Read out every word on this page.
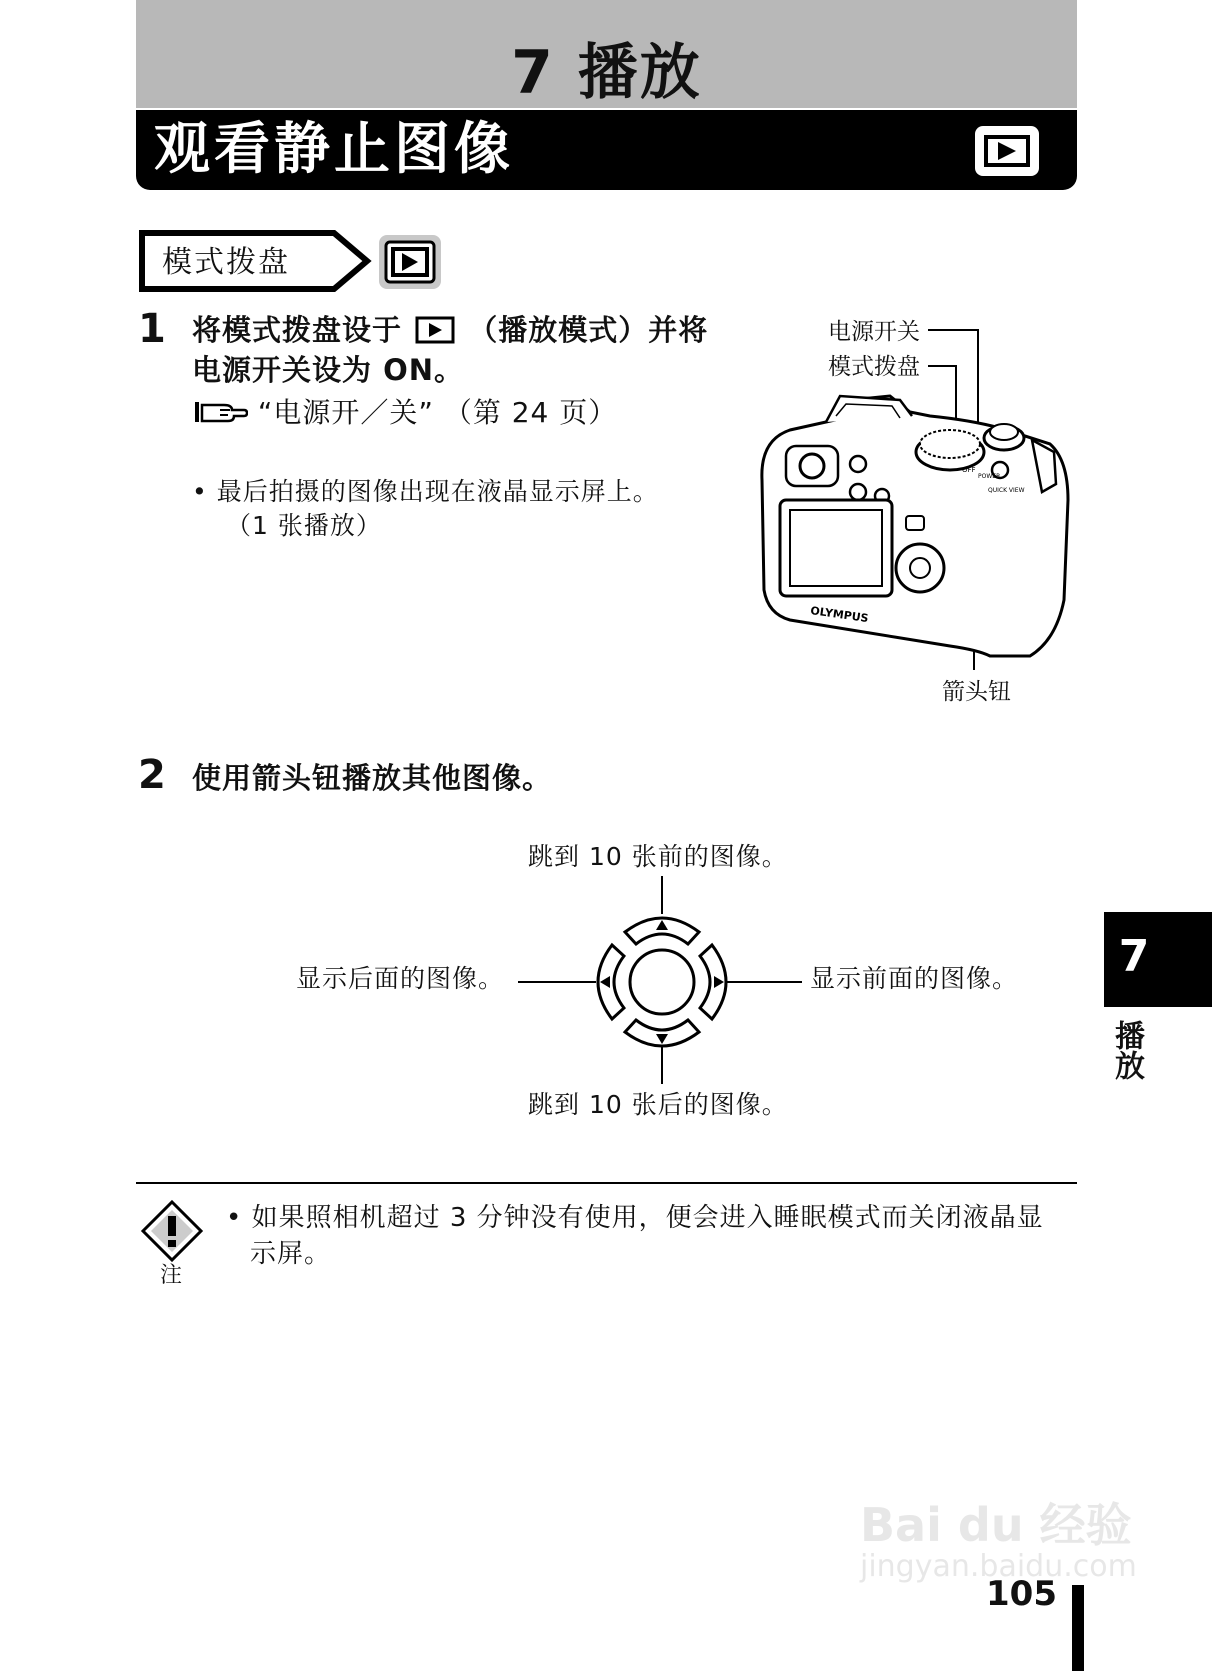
7 播放
观看静止图像
模式拨盘
1 将模式拨盘设于 （播放模式）并将
电源开关设为 ON。
“电源开／关” （第 24 页）
• 最后拍摄的图像出现在液晶显示屏上。
（1 张播放）
电源开关
模式拨盘
箭头钮
OFF
POWER
QUICK VIEW
OLYMPUS
2 使用箭头钮播放其他图像。
跳到 10 张前的图像。
跳到 10 张后的图像。
显示后面的图像。	显示前面的图像。
注
• 如果照相机超过 3 分钟没有使用，便会进入睡眠模式而关闭液晶显
示屏。
7
播放
Bai du 经验
jingyan.baidu.com
105
